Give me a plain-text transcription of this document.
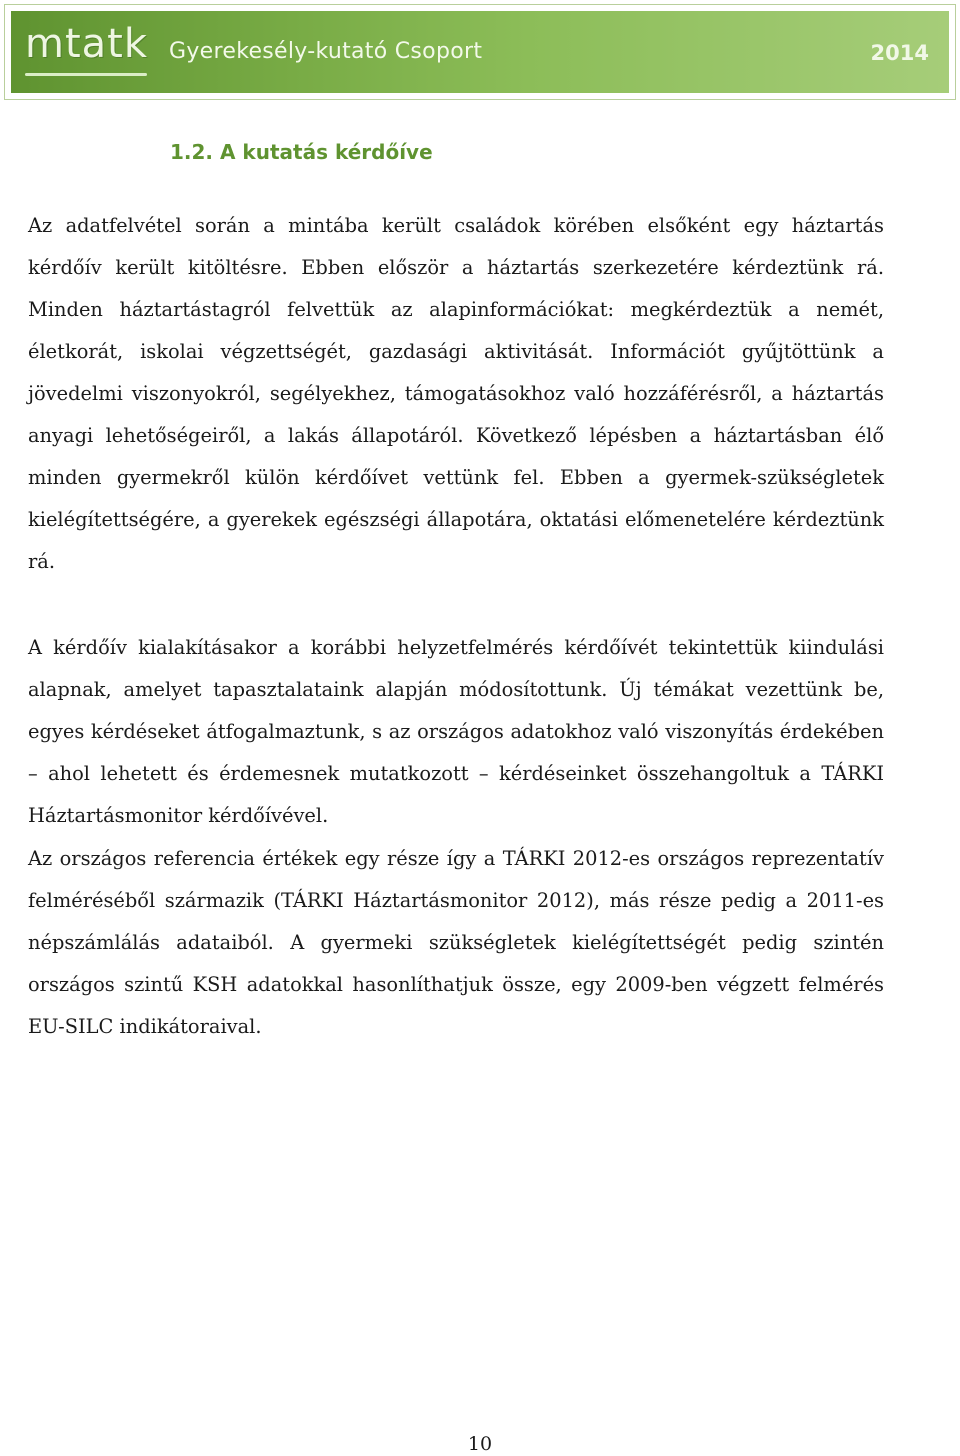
mtatk Gyerekesély-kutató Csoport	2014
1.2. A kutatás kérdőíve

Az adatfelvétel során a mintába került családok körében elsőként egy háztartás kérdőív került kitöltésre. Ebben először a háztartás szerkezetére kérdeztünk rá. Minden háztartástagról felvettük az alapinformációkat: megkérdeztük a nemét, életkorát, iskolai végzettségét, gazdasági aktivitását. Információt gyűjtöttünk a jövedelmi viszonyokról, segélyekhez, támogatásokhoz való hozzáférésről, a háztartás anyagi lehetőségeiről, a lakás állapotáról. Következő lépésben a háztartásban élő minden gyermekről külön kérdőívet vettünk fel. Ebben a gyermek-szükségletek kielégítettségére, a gyerekek egészségi állapotára, oktatási előmenetelére kérdeztünk rá.

A kérdőív kialakításakor a korábbi helyzetfelmérés kérdőívét tekintettük kiindulási alapnak, amelyet tapasztalataink alapján módosítottunk. Új témákat vezettünk be, egyes kérdéseket átfogalmaztunk, s az országos adatokhoz való viszonyítás érdekében – ahol lehetett és érdemesnek mutatkozott – kérdéseinket összehangoltuk a TÁRKI Háztartásmonitor kérdőívével.

Az országos referencia értékek egy része így a TÁRKI 2012-es országos reprezentatív felméréséből származik (TÁRKI Háztartásmonitor 2012), más része pedig a 2011-es népszámlálás adataiból. A gyermeki szükségletek kielégítettségét pedig szintén országos szintű KSH adatokkal hasonlíthatjuk össze, egy 2009-ben végzett felmérés EU-SILC indikátoraival.

10
